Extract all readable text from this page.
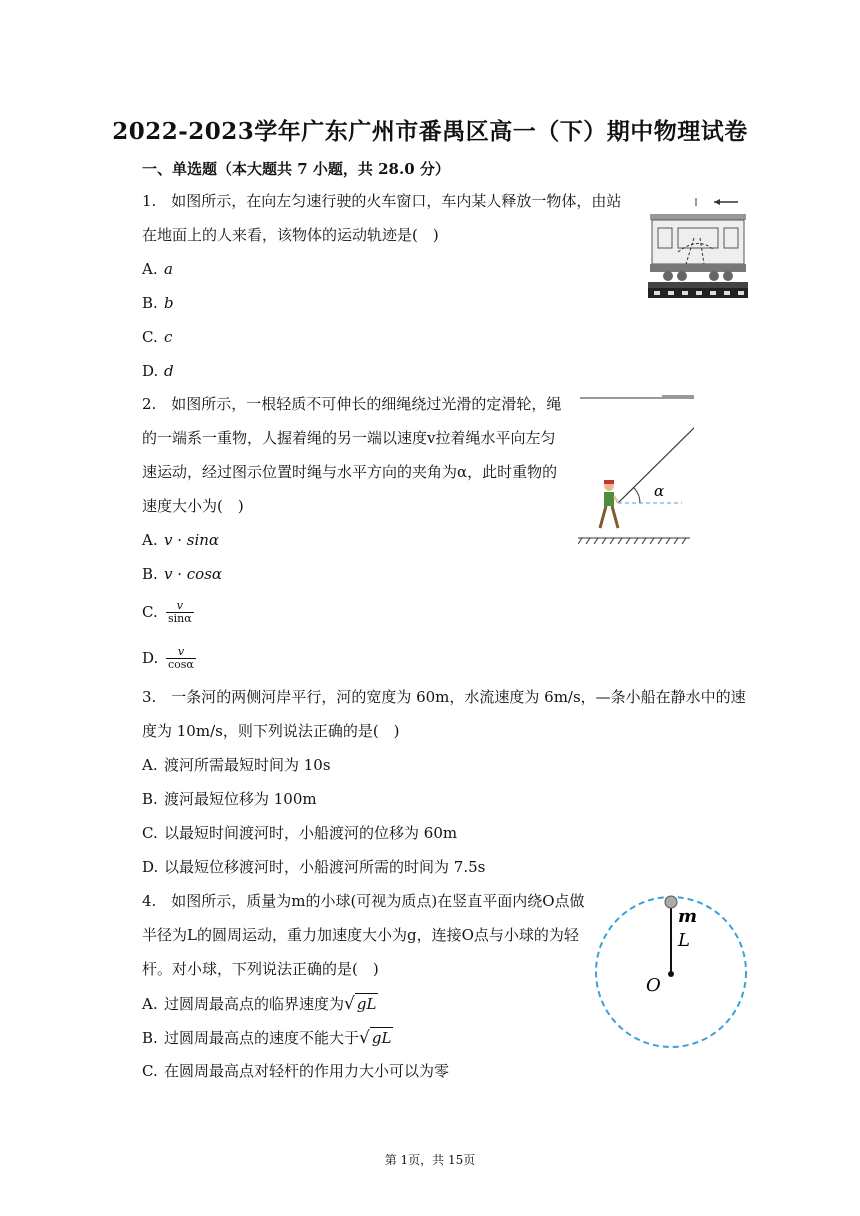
2022-2023学年广东广州市番禺区高一（下）期中物理试卷
一、单选题（本大题共 7 小题，共 28.0 分）
1.　如图所示，在向左匀速行驶的火车窗口，车内某人释放一物体，由站
在地面上的人来看，该物体的运动轨迹是(　)
A. a
B. b
C. c
D. d
2.　如图所示，一根轻质不可伸长的细绳绕过光滑的定滑轮，绳
的一端系一重物，人握着绳的另一端以速度v拉着绳水平向左匀
速运动，经过图示位置时绳与水平方向的夹角为α，此时重物的
速度大小为(　)
A. v · sinα
B. v · cosα
C. $\frac{v}{\sin\alpha}$
D. $\frac{v}{\cos\alpha}$
α
3.　一条河的两侧河岸平行，河的宽度为 60m，水流速度为 6m/s，—条小船在静水中的速
度为 10m/s，则下列说法正确的是(　)
A. 渡河所需最短时间为 10s
B. 渡河最短位移为 100m
C. 以最短时间渡河时，小船渡河的位移为 60m
D. 以最短位移渡河时，小船渡河所需的时间为 7.5s
4.　如图所示，质量为m的小球(可视为质点)在竖直平面内绕O点做
半径为L的圆周运动，重力加速度大小为g，连接O点与小球的为轻
杆。对小球，下列说法正确的是(　)
A. 过圆周最高点的临界速度为√ gL
B. 过圆周最高点的速度不能大于√ gL
C. 在圆周最高点对轻杆的作用力大小可以为零
m
L
O
第 1页，共 15页
